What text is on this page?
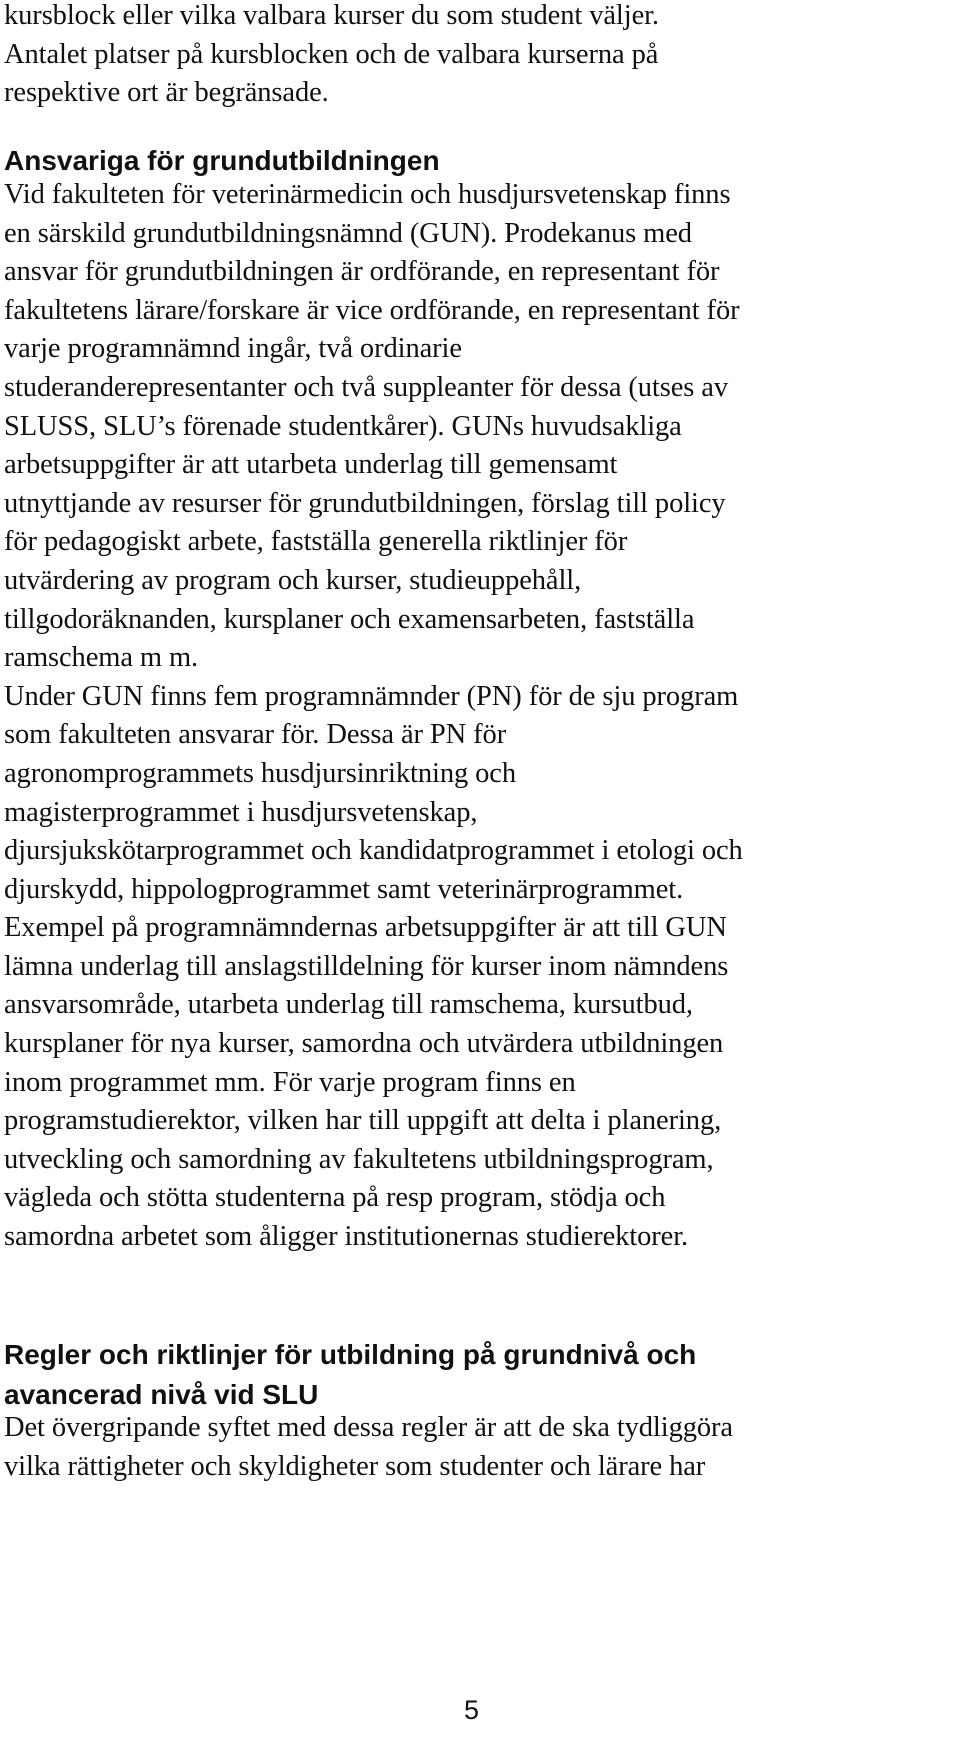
kursblock eller vilka valbara kurser du som student väljer.
Antalet platser på kursblocken och de valbara kurserna på
respektive ort är begränsade.
Ansvariga för grundutbildningen
Vid fakulteten för veterinärmedicin och husdjursvetenskap finns
en särskild grundutbildningsnämnd (GUN). Prodekanus med
ansvar för grundutbildningen är ordförande, en representant för
fakultetens lärare/forskare är vice ordförande, en representant för
varje programnämnd ingår, två ordinarie
studeranderepresentanter och två suppleanter för dessa (utses av
SLUSS, SLU’s förenade studentkårer). GUNs huvudsakliga
arbetsuppgifter är att utarbeta underlag till gemensamt
utnyttjande av resurser för grundutbildningen, förslag till policy
för pedagogiskt arbete, fastställa generella riktlinjer för
utvärdering av program och kurser, studieuppehåll,
tillgodoräknanden, kursplaner och examensarbeten, fastställa
ramschema m m.
Under GUN finns fem programnämnder (PN) för de sju program
som fakulteten ansvarar för. Dessa är PN för
agronomprogrammets husdjursinriktning och
magisterprogrammet i husdjursvetenskap,
djursjukskötarprogrammet och kandidatprogrammet i etologi och
djurskydd, hippologprogrammet samt veterinärprogrammet.
Exempel på programnämndernas arbetsuppgifter är att till GUN
lämna underlag till anslagstilldelning för kurser inom nämndens
ansvarsområde, utarbeta underlag till ramschema, kursutbud,
kursplaner för nya kurser, samordna och utvärdera utbildningen
inom programmet mm. För varje program finns en
programstudierektor, vilken har till uppgift att delta i planering,
utveckling och samordning av fakultetens utbildningsprogram,
vägleda och stötta studenterna på resp program, stödja och
samordna arbetet som åligger institutionernas studierektorer.
Regler och riktlinjer för utbildning på grundnivå och
avancerad nivå vid SLU
Det övergripande syftet med dessa regler är att de ska tydliggöra
vilka rättigheter och skyldigheter som studenter och lärare har
5
